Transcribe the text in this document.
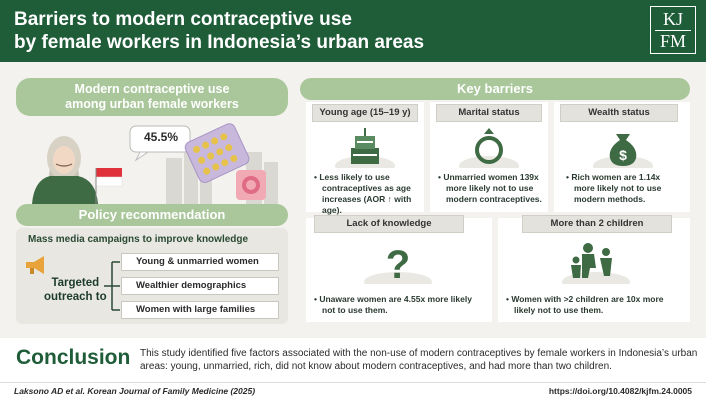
Barriers to modern contraceptive use
by female workers in Indonesia’s urban areas
KJ
FM
Modern contraceptive use
among urban female workers
45.5%
Policy recommendation
Mass media campaigns to improve knowledge
Targeted
outreach to
Young & unmarried women
Wealthier demographics
Women with large families
Key barriers
Young age (15–19 y)	Marital status	Wealth status
$
• Less likely to use
contraceptives as age
increases (AOR ↑ with age).
• Unmarried women 139x
more likely not to use
modern contraceptives.
• Rich women are 1.14x
more likely not to use
modern methods.
Lack of knowledge	More than 2 children
?
• Unaware women are 4.55x more likely
not to use them.
• Women with >2 children are 10x more
likely not to use them.
Conclusion This study identified five factors associated with the non-use of modern contraceptives by female workers in Indonesia’s urban areas: young, unmarried, rich, did not know about modern contraceptives, and had more than two children.
Laksono AD et al. Korean Journal of Family Medicine (2025)	https://doi.org/10.4082/kjfm.24.0005
